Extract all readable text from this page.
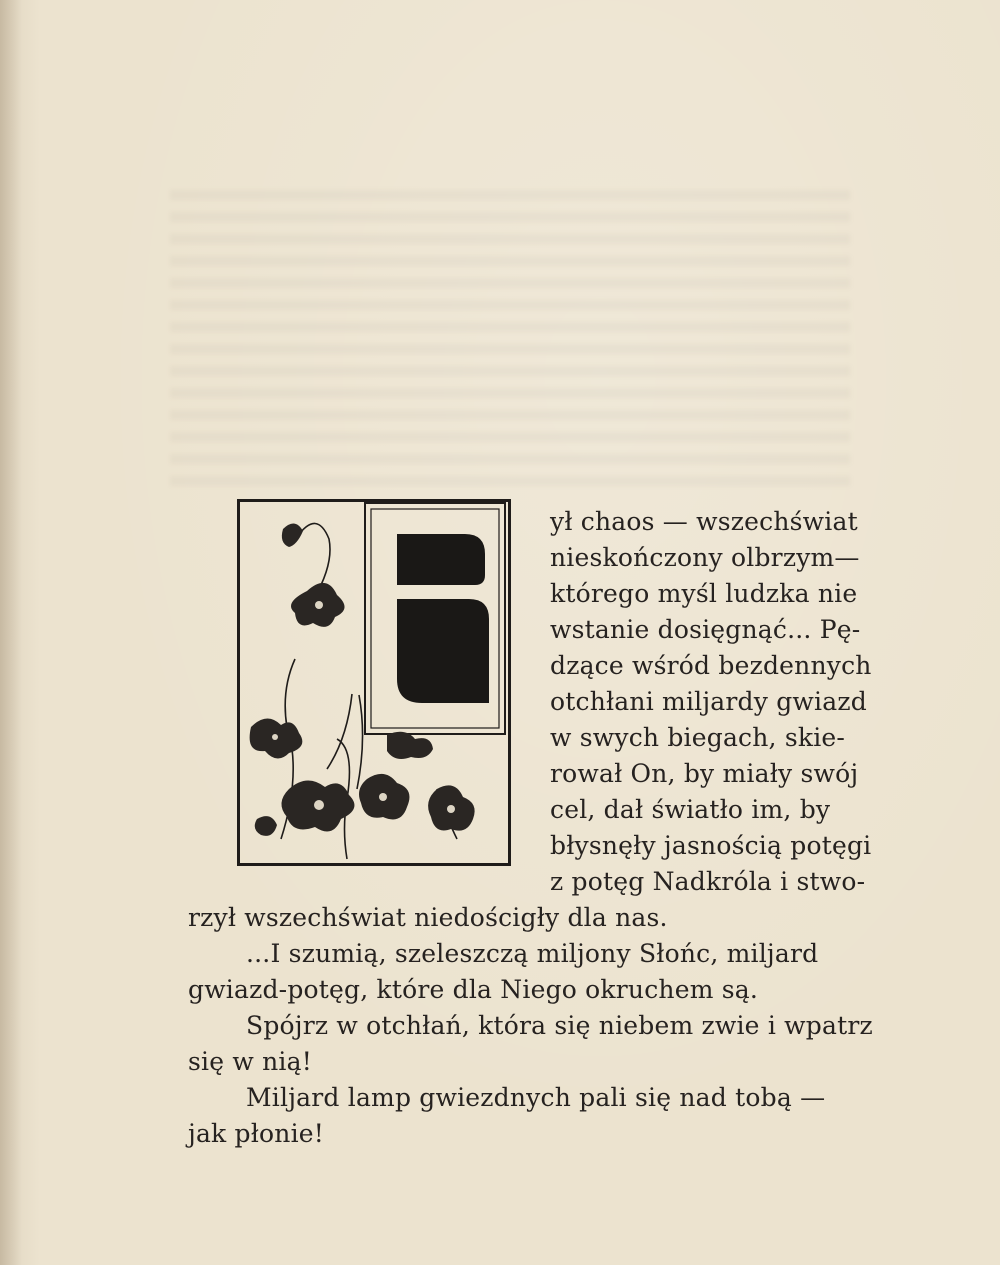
ył chaos — wszechświat
nieskończony olbrzym—
którego myśl ludzka nie
wstanie dosięgnąć... Pę-
dzące wśród bezdennych
otchłani miljardy gwiazd
w swych biegach, skie-
rował On, by miały swój
cel, dał światło im, by
błysnęły jasnością potęgi
z potęg Nadkróla i stwo-
rzył wszechświat niedościgły dla nas.
...I szumią, szeleszczą miljony Słońc, miljard
gwiazd-potęg, które dla Niego okruchem są.
Spójrz w otchłań, która się niebem zwie i wpatrz
się w nią!
Miljard lamp gwiezdnych pali się nad tobą —
jak płonie!
